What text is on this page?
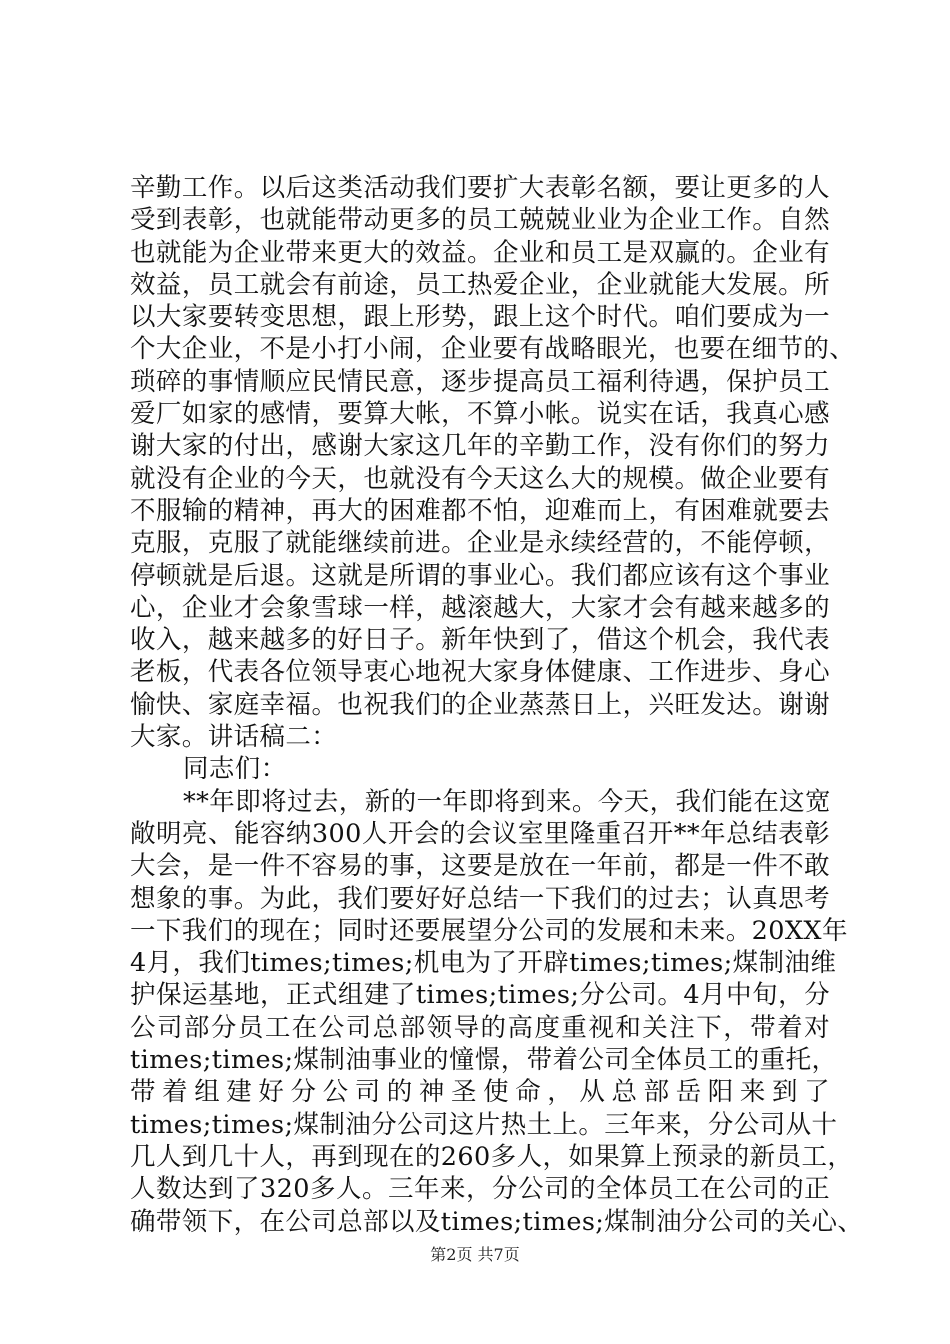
辛勤工作。以后这类活动我们要扩大表彰名额，要让更多的人
受到表彰，也就能带动更多的员工兢兢业业为企业工作。自然
也就能为企业带来更大的效益。企业和员工是双赢的。企业有
效益，员工就会有前途，员工热爱企业，企业就能大发展。所
以大家要转变思想，跟上形势，跟上这个时代。咱们要成为一
个大企业，不是小打小闹，企业要有战略眼光，也要在细节的、
琐碎的事情顺应民情民意，逐步提高员工福利待遇，保护员工
爱厂如家的感情，要算大帐，不算小帐。说实在话，我真心感
谢大家的付出，感谢大家这几年的辛勤工作，没有你们的努力
就没有企业的今天，也就没有今天这么大的规模。做企业要有
不服输的精神，再大的困难都不怕，迎难而上，有困难就要去
克服，克服了就能继续前进。企业是永续经营的，不能停顿，
停顿就是后退。这就是所谓的事业心。我们都应该有这个事业
心，企业才会象雪球一样，越滚越大，大家才会有越来越多的
收入，越来越多的好日子。新年快到了，借这个机会，我代表
老板，代表各位领导衷心地祝大家身体健康、工作进步、身心
愉快、家庭幸福。也祝我们的企业蒸蒸日上，兴旺发达。谢谢
大家。讲话稿二：
同志们：
**年即将过去，新的一年即将到来。今天，我们能在这宽
敞明亮、能容纳300人开会的会议室里隆重召开**年总结表彰
大会，是一件不容易的事，这要是放在一年前，都是一件不敢
想象的事。为此，我们要好好总结一下我们的过去；认真思考
一下我们的现在；同时还要展望分公司的发展和未来。20XX年
4月，我们times;times;机电为了开辟times;times;煤制油维
护保运基地，正式组建了times;times;分公司。4月中旬，分
公司部分员工在公司总部领导的高度重视和关注下，带着对
times;times;煤制油事业的憧憬，带着公司全体员工的重托，
带着组建好分公司的神圣使命，从总部岳阳来到了
times;times;煤制油分公司这片热土上。三年来，分公司从十
几人到几十人，再到现在的260多人，如果算上预录的新员工，
人数达到了320多人。三年来，分公司的全体员工在公司的正
确带领下，在公司总部以及times;times;煤制油分公司的关心、
第2页 共7页
